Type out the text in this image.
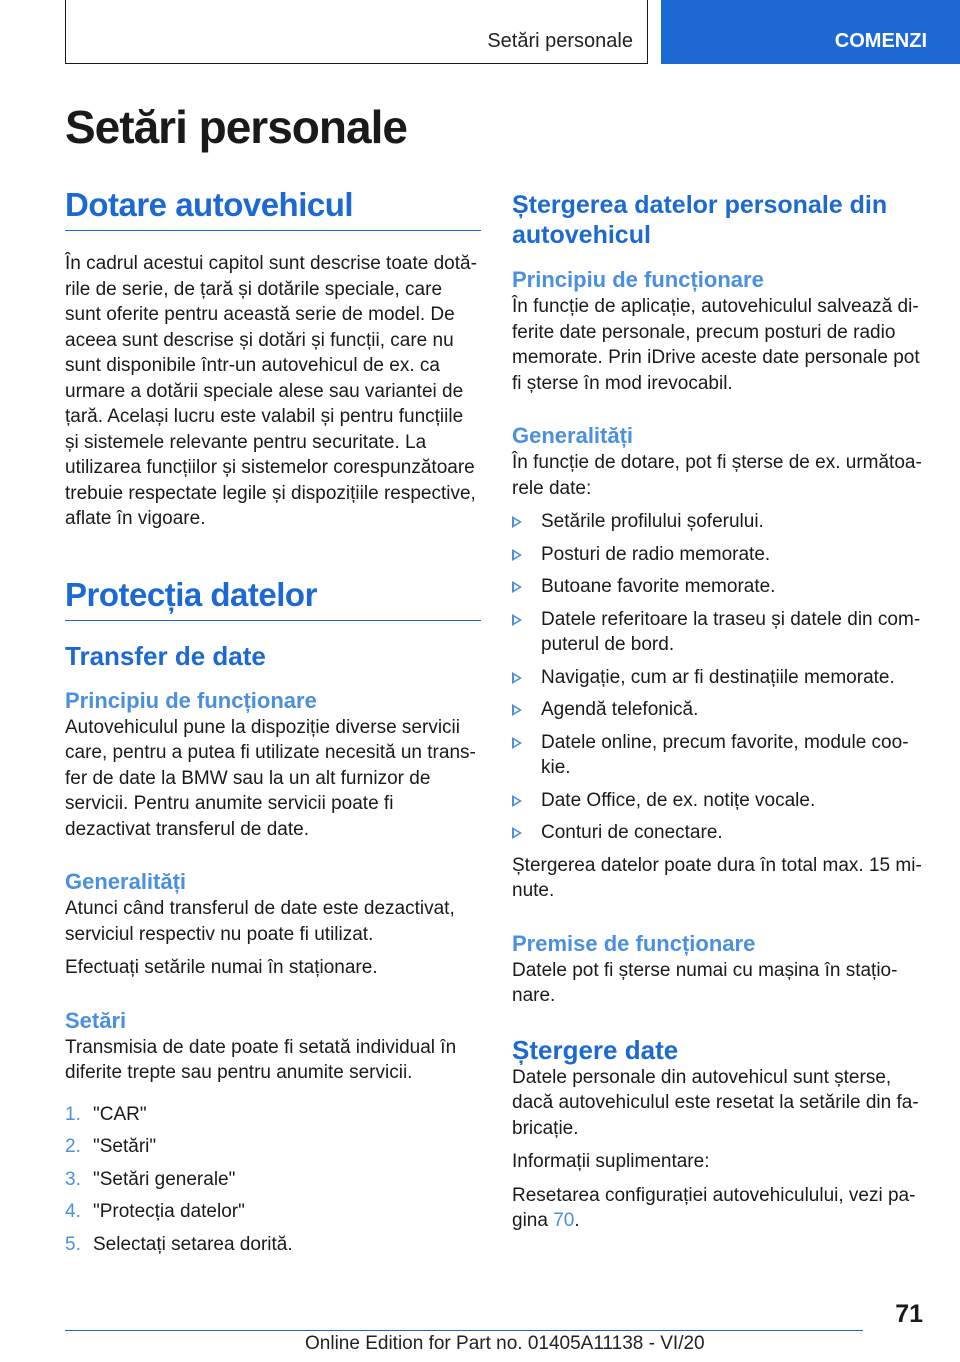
Setări personale	COMENZI
Setări personale
Dotare autovehicul

În cadrul acestui capitol sunt descrise toate dotările de serie, de țară și dotările speciale, care sunt oferite pentru această serie de model. De aceea sunt descrise și dotări și funcții, care nu sunt disponibile într-un autovehicul de ex. ca urmare a dotării speciale alese sau variantei de țară. Același lucru este valabil și pentru funcțiile și sistemele relevante pentru securitate. La utilizarea funcțiilor și sistemelor corespunzătoare trebuie respectate legile și dispozițiile respective, aflate în vigoare.

Protecția datelor
Transfer de date
Principiu de funcționare

Autovehiculul pune la dispoziție diverse servicii care, pentru a putea fi utilizate necesită un transfer de date la BMW sau la un alt furnizor de servicii. Pentru anumite servicii poate fi dezactivat transferul de date.

Generalități

Atunci când transferul de date este dezactivat, serviciul respectiv nu poate fi utilizat.

Efectuați setările numai în staționare.

Setări

Transmisia de date poate fi setată individual în diferite trepte sau pentru anumite servicii.

1. "CAR"
2. "Setări"
3. "Setări generale"
4. "Protecția datelor"
5. Selectați setarea dorită.
Ștergerea datelor personale din autovehicul
Principiu de funcționare

În funcție de aplicație, autovehiculul salvează diferite date personale, precum posturi de radio memorate. Prin iDrive aceste date personale pot fi șterse în mod irevocabil.

Generalități

În funcție de dotare, pot fi șterse de ex. următoarele date:

Setările profilului șoferului.
Posturi de radio memorate.
Butoane favorite memorate.
Datele referitoare la traseu și datele din computerul de bord.
Navigație, cum ar fi destinațiile memorate.
Agendă telefonică.
Datele online, precum favorite, module cookie.
Date Office, de ex. notițe vocale.
Conturi de conectare.

Ștergerea datelor poate dura în total max. 15 minute.

Premise de funcționare

Datele pot fi șterse numai cu mașina în staționare.

Ștergere date

Datele personale din autovehicul sunt șterse, dacă autovehiculul este resetat la setările din fabricație.

Informații suplimentare:

Resetarea configurației autovehiculului, vezi pagina 70.

71
Online Edition for Part no. 01405A11138 - VI/20
